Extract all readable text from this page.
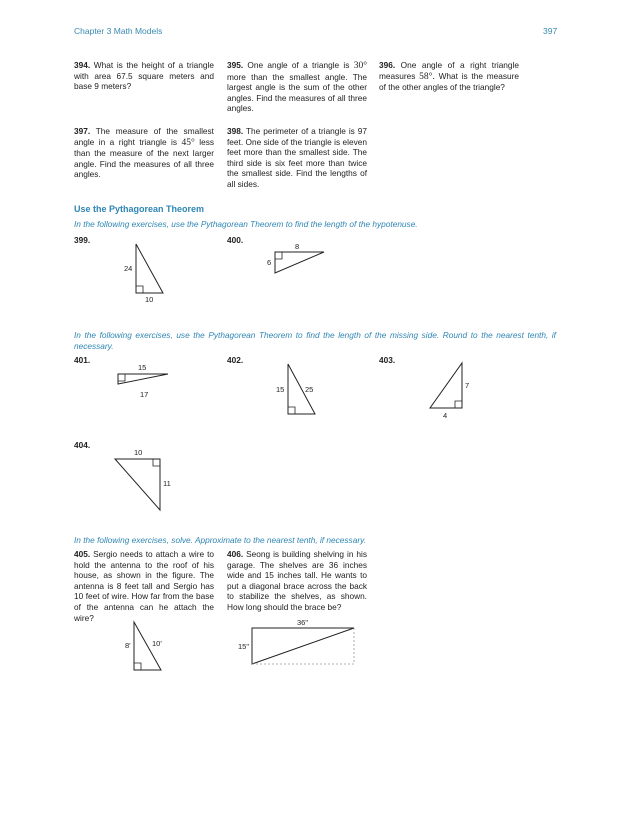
Chapter 3 Math Models	397
394. What is the height of a triangle with area 67.5 square meters and base 9 meters?
395. One angle of a triangle is 30° more than the smallest angle. The largest angle is the sum of the other angles. Find the measures of all three angles.
396. One angle of a right triangle measures 58°. What is the measure of the other angles of the triangle?
397. The measure of the smallest angle in a right triangle is 45° less than the measure of the next larger angle. Find the measures of all three angles.
398. The perimeter of a triangle is 97 feet. One side of the triangle is eleven feet more than the smallest side. The third side is six feet more than twice the smallest side. Find the lengths of all sides.
Use the Pythagorean Theorem
In the following exercises, use the Pythagorean Theorem to find the length of the hypotenuse.
399.
24
10
400.
8
6
In the following exercises, use the Pythagorean Theorem to find the length of the missing side. Round to the nearest tenth, if necessary.
401.
15
17
402.
15	25
403.
7
4
404.
10
11
In the following exercises, solve. Approximate to the nearest tenth, if necessary.
405. Sergio needs to attach a wire to hold the antenna to the roof of his house, as shown in the figure. The antenna is 8 feet tall and Sergio has 10 feet of wire. How far from the base of the antenna can he attach the wire?
8'	10'
406. Seong is building shelving in his garage. The shelves are 36 inches wide and 15 inches tall. He wants to put a diagonal brace across the back to stabilize the shelves, as shown. How long should the brace be?
36"
15"
